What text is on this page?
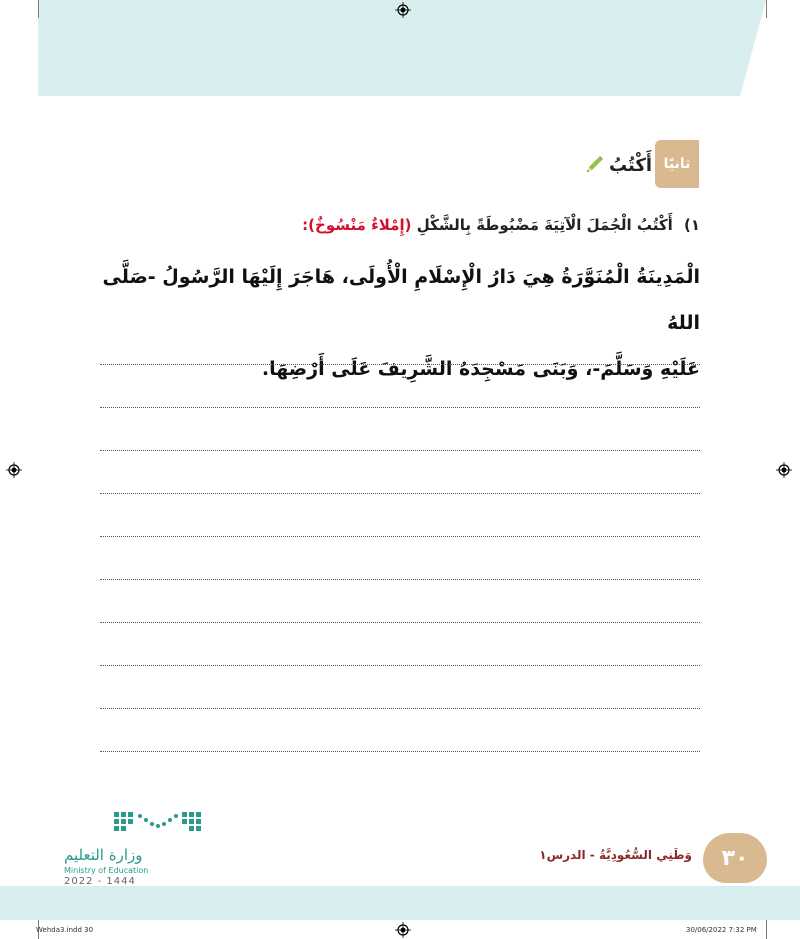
ثانيًا
أَكْتُبُ
١) أَكْتُبُ الْجُمَلَ الْآتِيَةَ مَضْبُوطَةً بِالشَّكْلِ (إِمْلاءٌ مَنْسُوخٌ):
الْمَدِينَةُ الْمُنَوَّرَةُ هِيَ دَارُ الْإِسْلَامِ الْأُولَى، هَاجَرَ إِلَيْهَا الرَّسُولُ -صَلَّى اللهُ
عَلَيْهِ وَسَلَّمَ-، وَبَنَى مَسْجِدَهُ الشَّرِيفَ عَلَى أَرْضِهَا.
٣٠
وَطَنِي السُّعُودِيَّةُ - الدرس١
وزارة التعليم
Ministry of Education
2022 - 1444
Wehda3.indd 30	30/06/2022 7:32 PM
